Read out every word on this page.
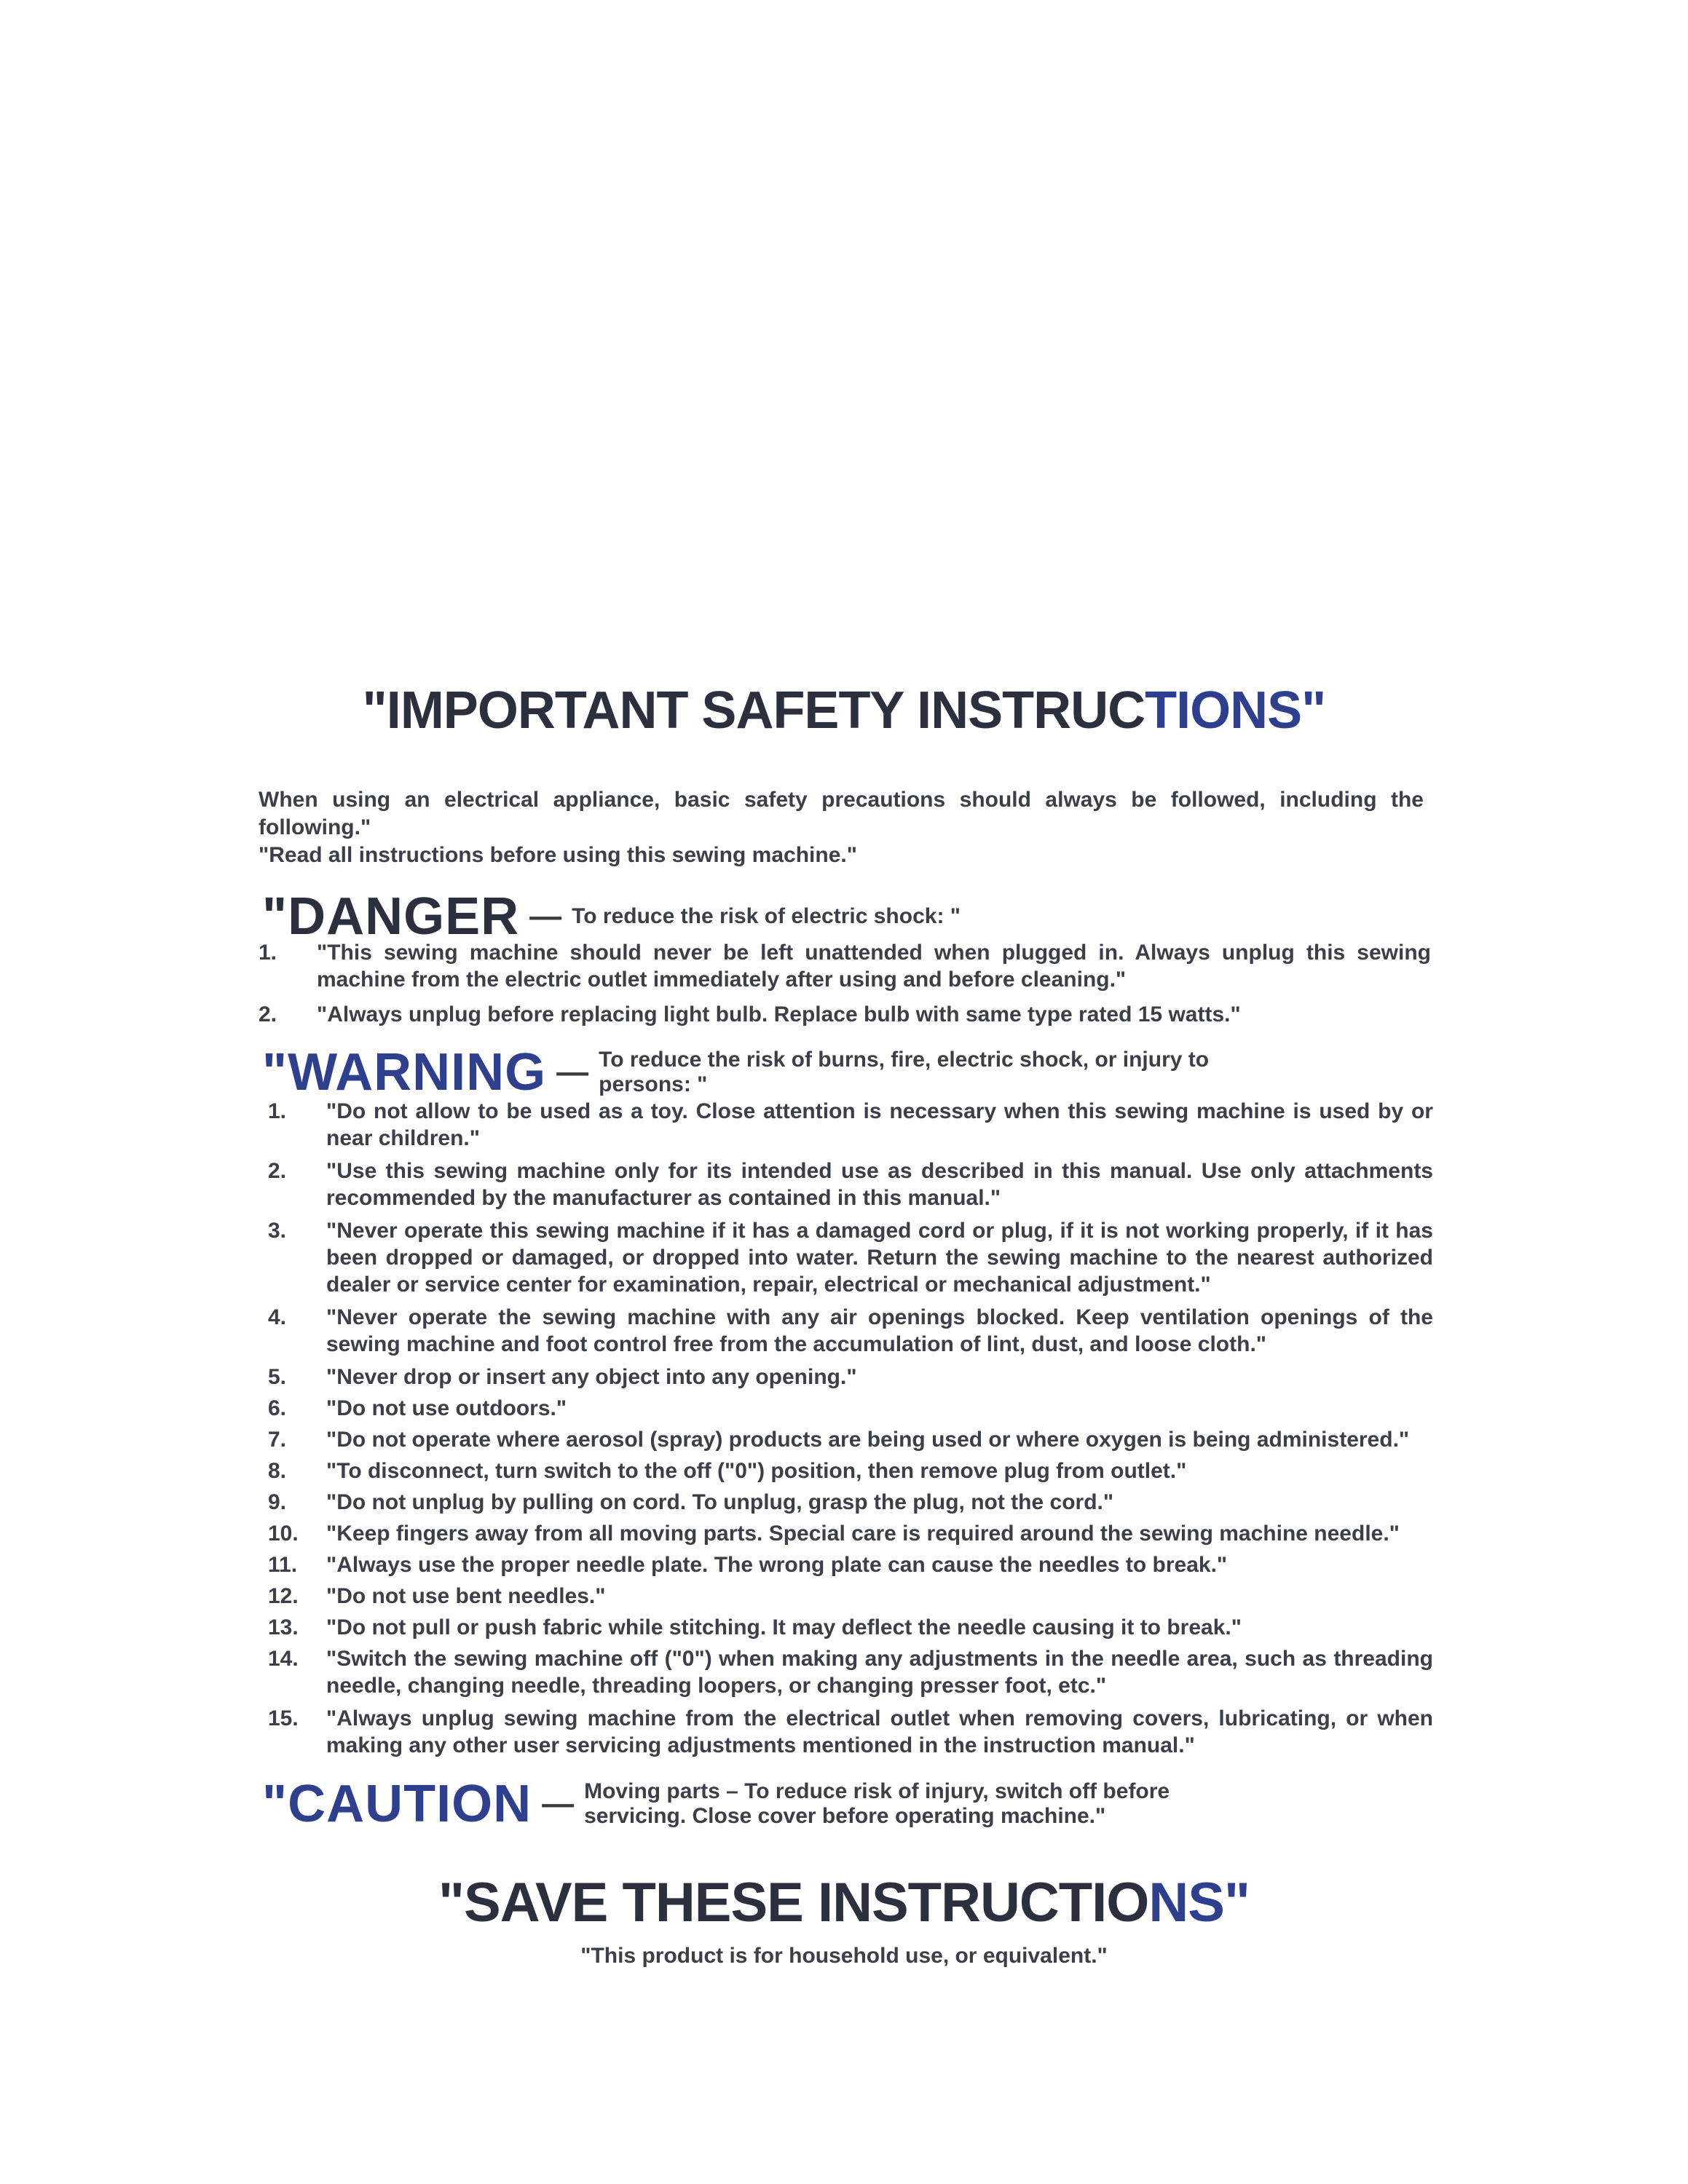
"IMPORTANT SAFETY INSTRUCTIONS"

When using an electrical appliance, basic safety precautions should always be followed, including the

following."

"Read all instructions before using this sewing machine."

"DANGER — To reduce the risk of electric shock: "
1.	"This sewing machine should never be left unattended when plugged in. Always unplug this sewing machine from the electric outlet immediately after using and before cleaning."
2.	"Always unplug before replacing light bulb. Replace bulb with same type rated 15 watts."
"WARNING — To reduce the risk of burns, fire, electric shock, or injury to persons: "
1.	"Do not allow to be used as a toy. Close attention is necessary when this sewing machine is used by or near children."
2.	"Use this sewing machine only for its intended use as described in this manual. Use only attachments recommended by the manufacturer as contained in this manual."
3.	"Never operate this sewing machine if it has a damaged cord or plug, if it is not working properly, if it has been dropped or damaged, or dropped into water. Return the sewing machine to the nearest authorized dealer or service center for examination, repair, electrical or mechanical adjustment."
4.	"Never operate the sewing machine with any air openings blocked. Keep ventilation openings of the sewing machine and foot control free from the accumulation of lint, dust, and loose cloth."
5.	"Never drop or insert any object into any opening."
6.	"Do not use outdoors."
7.	"Do not operate where aerosol (spray) products are being used or where oxygen is being administered."
8.	"To disconnect, turn switch to the off ("0") position, then remove plug from outlet."
9.	"Do not unplug by pulling on cord. To unplug, grasp the plug, not the cord."
10.	"Keep fingers away from all moving parts. Special care is required around the sewing machine needle."
11.	"Always use the proper needle plate. The wrong plate can cause the needles to break."
12.	"Do not use bent needles."
13.	"Do not pull or push fabric while stitching. It may deflect the needle causing it to break."
14.	"Switch the sewing machine off ("0") when making any adjustments in the needle area, such as threading needle, changing needle, threading loopers, or changing presser foot, etc."
15.	"Always unplug sewing machine from the electrical outlet when removing covers, lubricating, or when making any other user servicing adjustments mentioned in the instruction manual."
"CAUTION — Moving parts – To reduce risk of injury, switch off before servicing. Close cover before operating machine."
"SAVE THESE INSTRUCTIONS"
"This product is for household use, or equivalent."
